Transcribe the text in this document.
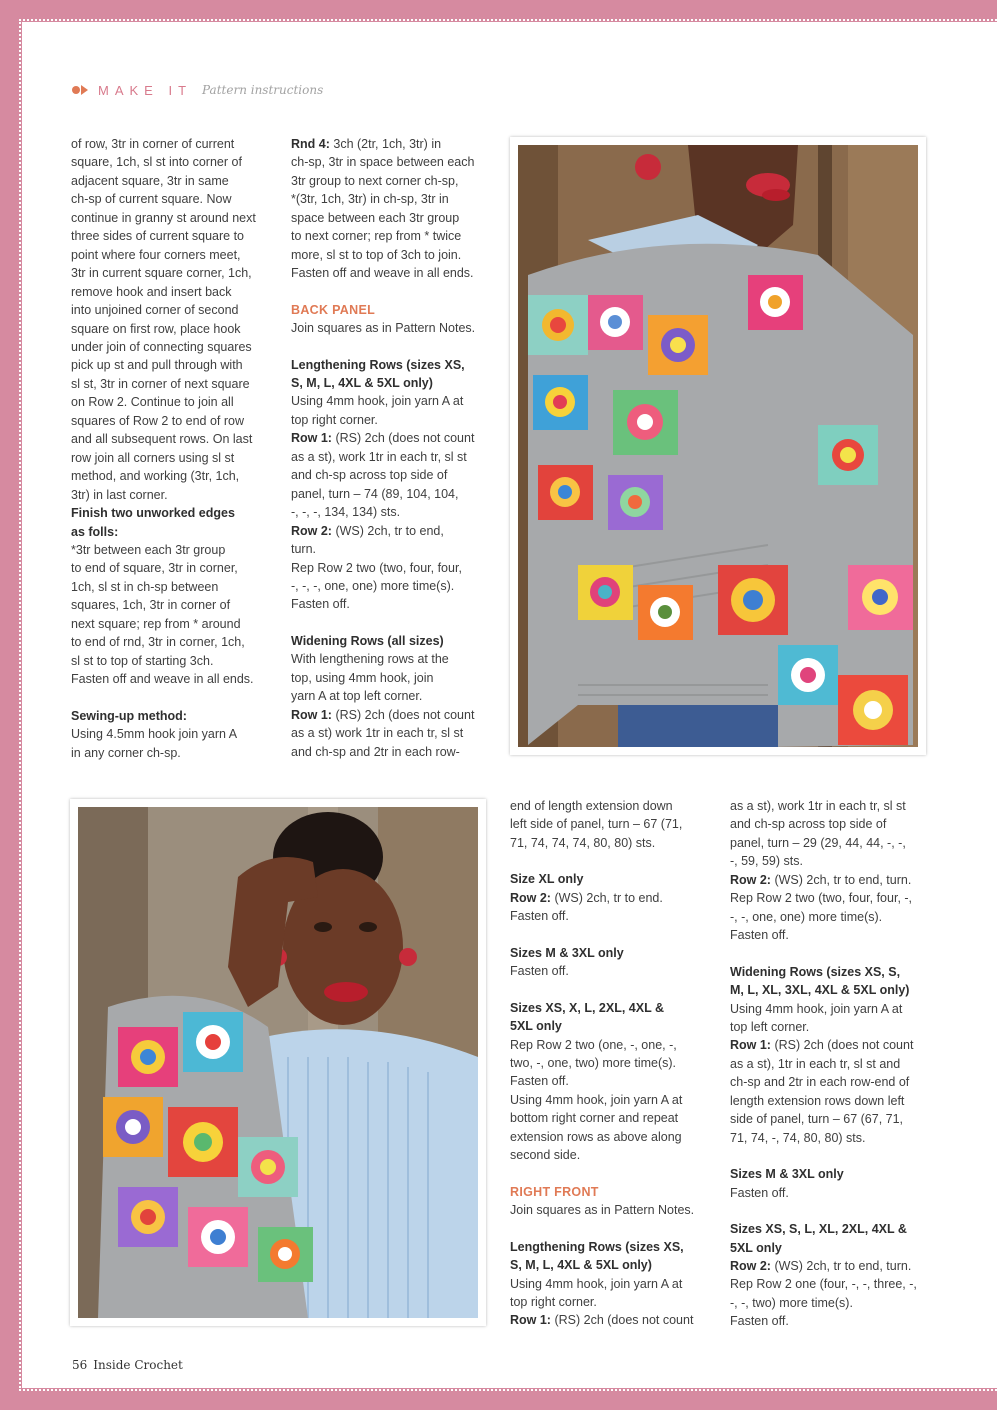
MAKE IT Pattern instructions

of row, 3tr in corner of current
square, 1ch, sl st into corner of
adjacent square, 3tr in same
ch-sp of current square. Now
continue in granny st around next
three sides of current square to
point where four corners meet,
3tr in current square corner, 1ch,
remove hook and insert back
into unjoined corner of second
square on first row, place hook
under join of connecting squares
pick up st and pull through with
sl st, 3tr in corner of next square
on Row 2. Continue to join all
squares of Row 2 to end of row
and all subsequent rows. On last
row join all corners using sl st
method, and working (3tr, 1ch,
3tr) in last corner.

Finish two unworked edges
as folls:

*3tr between each 3tr group
to end of square, 3tr in corner,
1ch, sl st in ch-sp between
squares, 1ch, 3tr in corner of
next square; rep from * around
to end of rnd, 3tr in corner, 1ch,
sl st to top of starting 3ch.
Fasten off and weave in all ends.

Sewing-up method:

Using 4.5mm hook join yarn A
in any corner ch-sp.

Rnd 4: 3ch (2tr, 1ch, 3tr) in
ch-sp, 3tr in space between each
3tr group to next corner ch-sp,
*(3tr, 1ch, 3tr) in ch-sp, 3tr in
space between each 3tr group
to next corner; rep from * twice
more, sl st to top of 3ch to join.
Fasten off and weave in all ends.

BACK PANEL

Join squares as in Pattern Notes.

Lengthening Rows (sizes XS,
S, M, L, 4XL & 5XL only)

Using 4mm hook, join yarn A at
top right corner.

Row 1: (RS) 2ch (does not count
as a st), work 1tr in each tr, sl st
and ch-sp across top side of
panel, turn – 74 (89, 104, 104,
-, -, -, 134, 134) sts.

Row 2: (WS) 2ch, tr to end,
turn.

Rep Row 2 two (two, four, four,
-, -, -, one, one) more time(s).
Fasten off.

Widening Rows (all sizes)

With lengthening rows at the
top, using 4mm hook, join
yarn A at top left corner.

Row 1: (RS) 2ch (does not count
as a st) work 1tr in each tr, sl st
and ch-sp and 2tr in each row-

end of length extension down
left side of panel, turn – 67 (71,
71, 74, 74, 74, 80, 80) sts.

Size XL only

Row 2: (WS) 2ch, tr to end.
Fasten off.

Sizes M & 3XL only

Fasten off.

Sizes XS, X, L, 2XL, 4XL &
5XL only

Rep Row 2 two (one, -, one, -,
two, -, one, two) more time(s).
Fasten off.

Using 4mm hook, join yarn A at
bottom right corner and repeat
extension rows as above along
second side.

RIGHT FRONT

Join squares as in Pattern Notes.

Lengthening Rows (sizes XS,
S, M, L, 4XL & 5XL only)

Using 4mm hook, join yarn A at
top right corner.

Row 1: (RS) 2ch (does not count

as a st), work 1tr in each tr, sl st
and ch-sp across top side of
panel, turn – 29 (29, 44, 44, -, -,
-, 59, 59) sts.

Row 2: (WS) 2ch, tr to end, turn.

Rep Row 2 two (two, four, four, -,
-, -, one, one) more time(s).
Fasten off.

Widening Rows (sizes XS, S,
M, L, XL, 3XL, 4XL & 5XL only)

Using 4mm hook, join yarn A at
top left corner.

Row 1: (RS) 2ch (does not count
as a st), 1tr in each tr, sl st and
ch-sp and 2tr in each row-end of
length extension rows down left
side of panel, turn – 67 (67, 71,
71, 74, -, 74, 80, 80) sts.

Sizes M & 3XL only

Fasten off.

Sizes XS, S, L, XL, 2XL, 4XL &
5XL only

Row 2: (WS) 2ch, tr to end, turn.

Rep Row 2 one (four, -, -, three, -,
-, -, two) more time(s).
Fasten off.

56 Inside Crochet
